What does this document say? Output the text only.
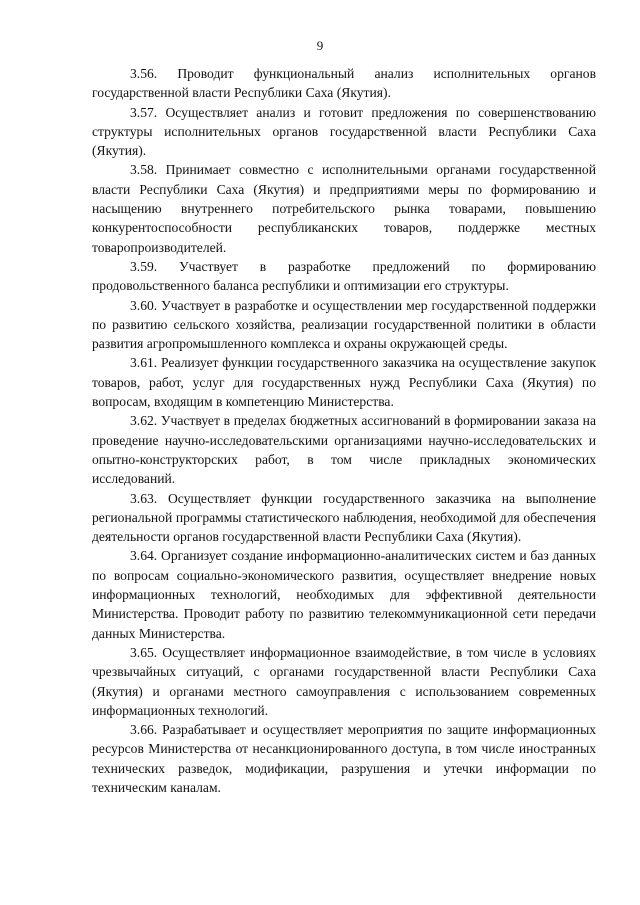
9

3.56. Проводит функциональный анализ исполнительных органов государственной власти Республики Саха (Якутия).

3.57. Осуществляет анализ и готовит предложения по совершенствованию структуры исполнительных органов государственной власти Республики Саха (Якутия).

3.58. Принимает совместно с исполнительными органами государственной власти Республики Саха (Якутия) и предприятиями меры по формированию и насыщению внутреннего потребительского рынка товарами, повышению конкурентоспособности республиканских товаров, поддержке местных товаропроизводителей.

3.59. Участвует в разработке предложений по формированию продовольственного баланса республики и оптимизации его структуры.

3.60. Участвует в разработке и осуществлении мер государственной поддержки по развитию сельского хозяйства, реализации государственной политики в области развития агропромышленного комплекса и охраны окружающей среды.

3.61. Реализует функции государственного заказчика на осуществление закупок товаров, работ, услуг для государственных нужд Республики Саха (Якутия) по вопросам, входящим в компетенцию Министерства.

3.62. Участвует в пределах бюджетных ассигнований в формировании заказа на проведение научно-исследовательскими организациями научно-исследовательских и опытно-конструкторских работ, в том числе прикладных экономических исследований.

3.63. Осуществляет функции государственного заказчика на выполнение региональной программы статистического наблюдения, необходимой для обеспечения деятельности органов государственной власти Республики Саха (Якутия).

3.64. Организует создание информационно-аналитических систем и баз данных по вопросам социально-экономического развития, осуществляет внедрение новых информационных технологий, необходимых для эффективной деятельности Министерства. Проводит работу по развитию телекоммуникационной сети передачи данных Министерства.

3.65. Осуществляет информационное взаимодействие, в том числе в условиях чрезвычайных ситуаций, с органами государственной власти Республики Саха (Якутия) и органами местного самоуправления с использованием современных информационных технологий.

3.66. Разрабатывает и осуществляет мероприятия по защите информационных ресурсов Министерства от несанкционированного доступа, в том числе иностранных технических разведок, модификации, разрушения и утечки информации по техническим каналам.
